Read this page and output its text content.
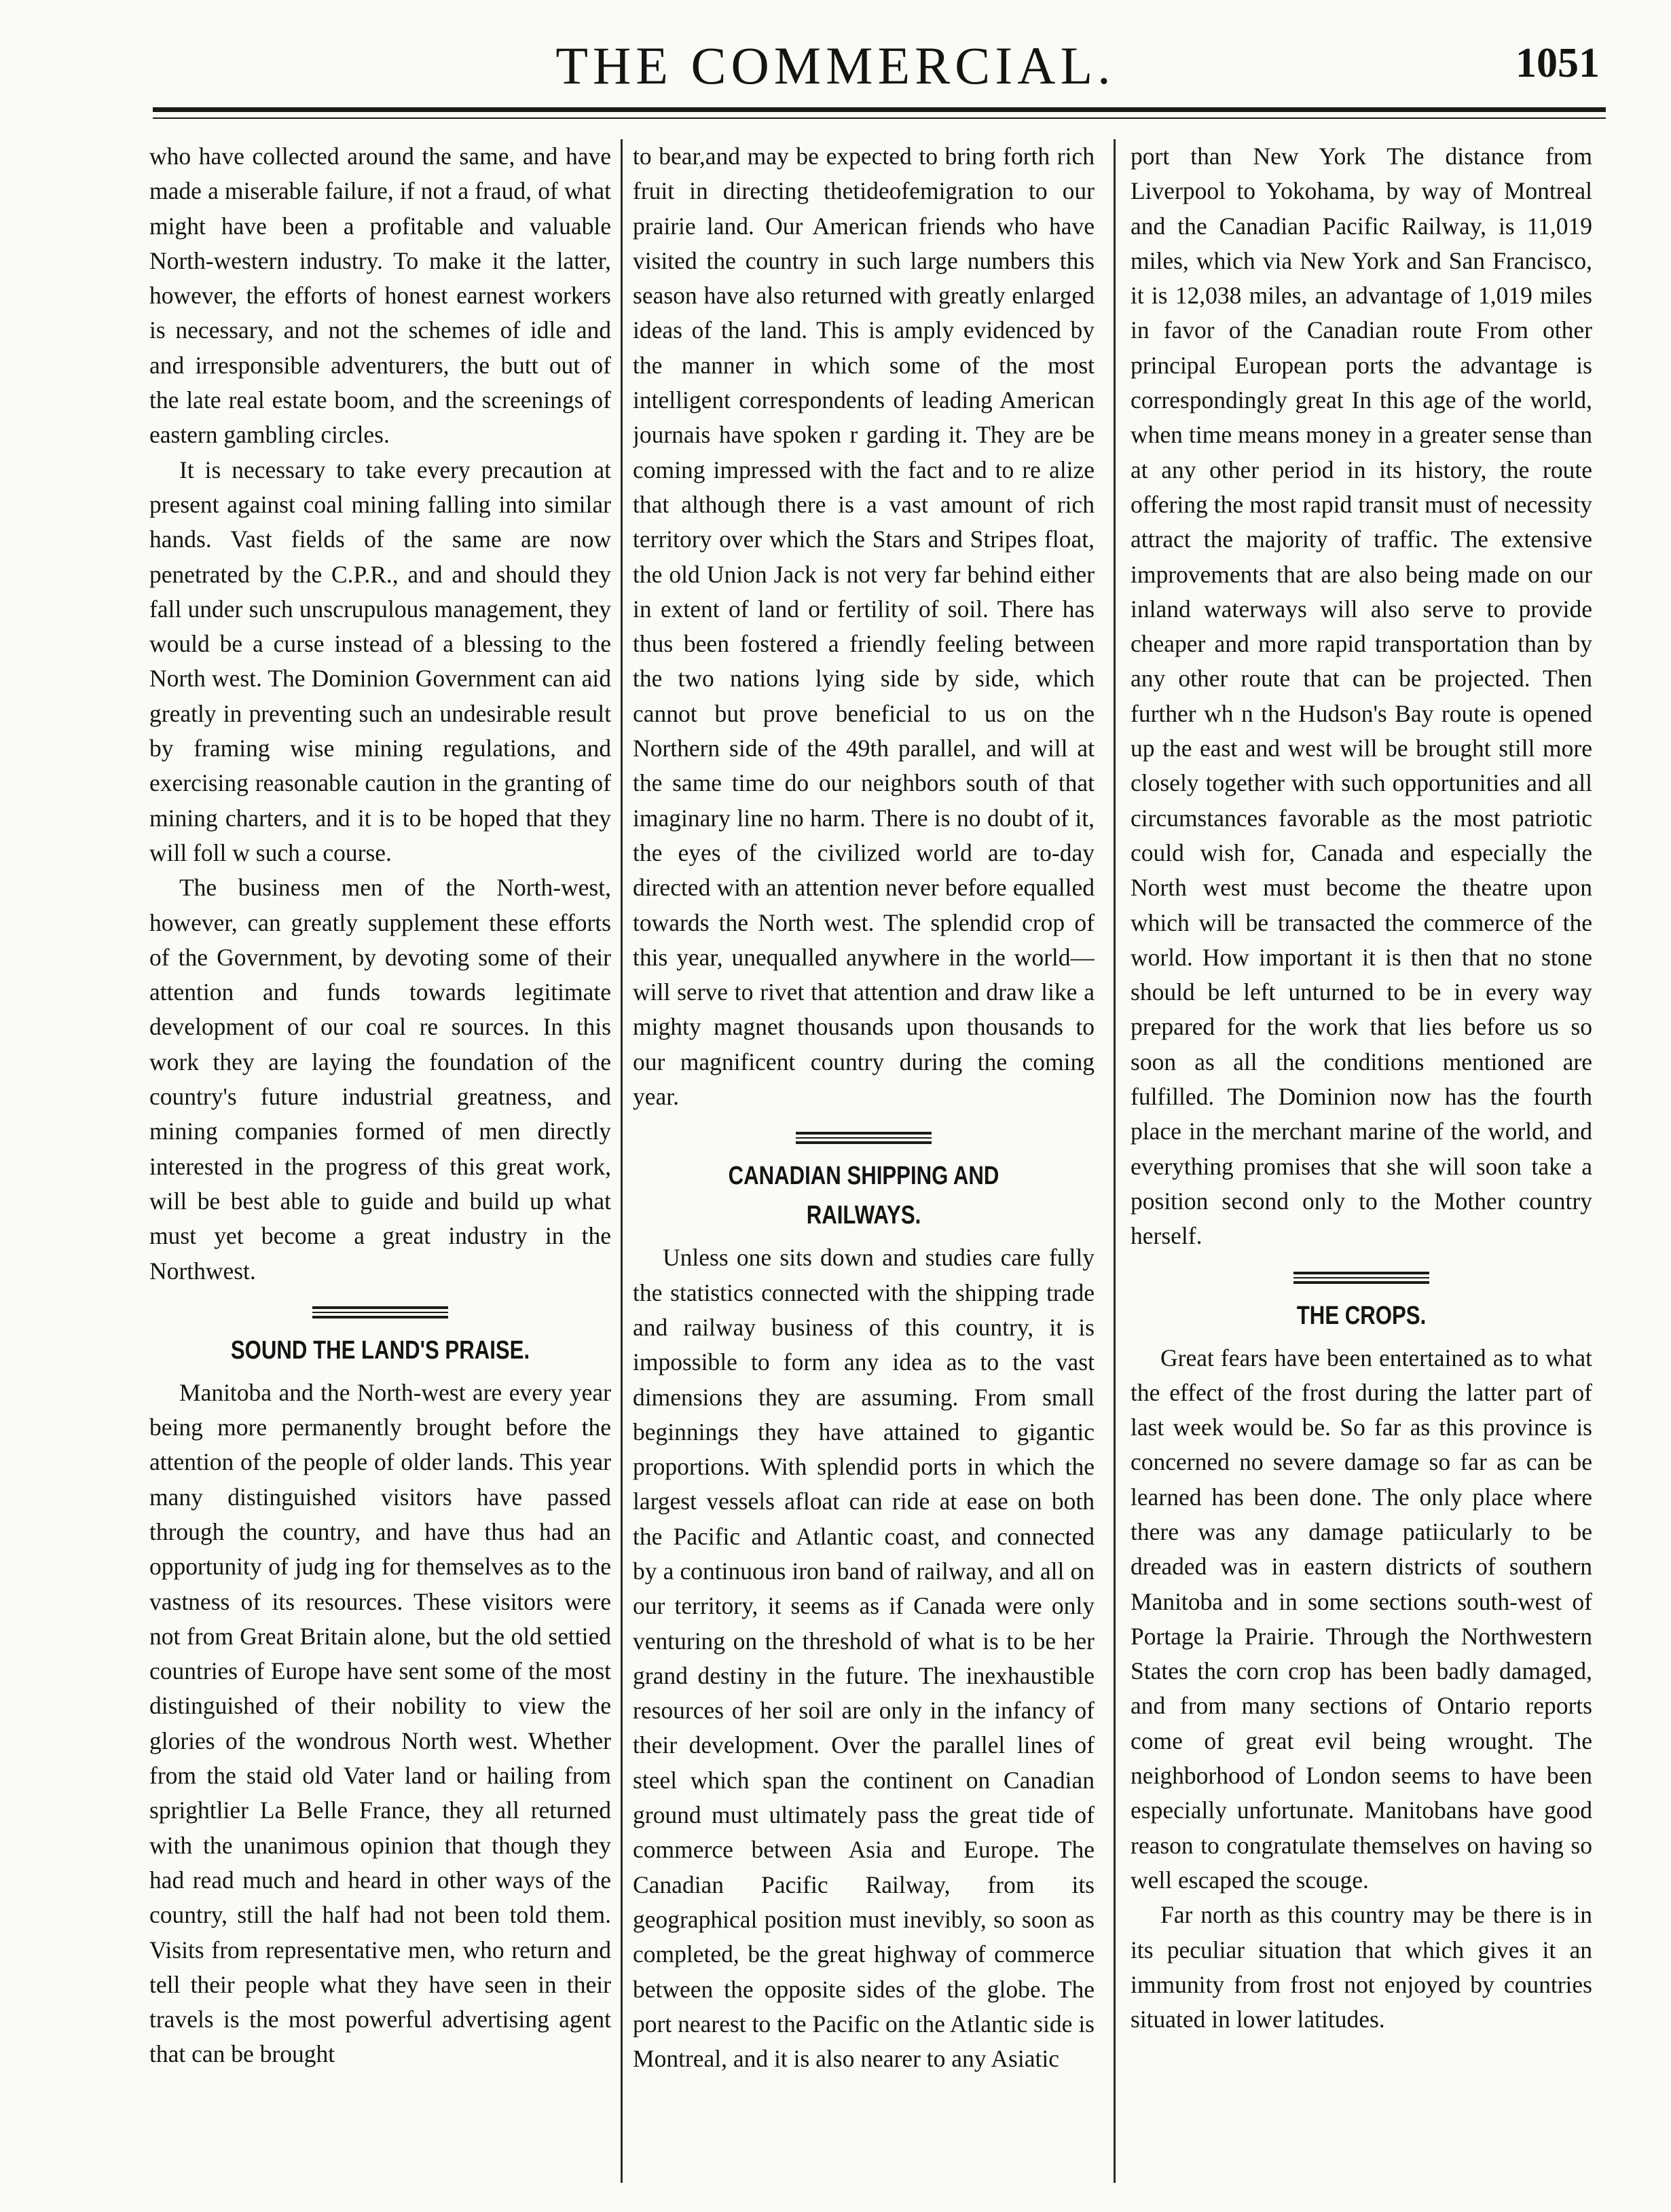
THE COMMERCIAL.	1051

who have collected around the same, and have made a miserable failure, if not a fraud, of what might have been a profitable and valuable North-western industry. To make it the latter, however, the efforts of honest earnest workers is necessary, and not the schemes of idle and and irresponsible adventurers, the butt out of the late real estate boom, and the screenings of eastern gambling circles.

It is necessary to take every precaution at present against coal mining falling into similar hands. Vast fields of the same are now penetrated by the C.P.R., and and should they fall under such unscrupulous management, they would be a curse instead of a blessing to the North west. The Dominion Government can aid greatly in preventing such an undesirable result by framing wise mining regulations, and exercising reasonable caution in the granting of mining charters, and it is to be hoped that they will foll w such a course.

The business men of the North-west, however, can greatly supplement these efforts of the Government, by devoting some of their attention and funds towards legitimate development of our coal re sources. In this work they are laying the foundation of the country's future industrial greatness, and mining companies formed of men directly interested in the progress of this great work, will be best able to guide and build up what must yet become a great industry in the Northwest.

SOUND THE LAND'S PRAISE.

Manitoba and the North-west are every year being more permanently brought before the attention of the people of older lands. This year many distinguished visitors have passed through the country, and have thus had an opportunity of judg ing for themselves as to the vastness of its resources. These visitors were not from Great Britain alone, but the old settied countries of Europe have sent some of the most distinguished of their nobility to view the glories of the wondrous North west. Whether from the staid old Vater land or hailing from sprightlier La Belle France, they all returned with the unanimous opinion that though they had read much and heard in other ways of the country, still the half had not been told them. Visits from representative men, who return and tell their people what they have seen in their travels is the most powerful advertising agent that can be brought

to bear,and may be expected to bring forth rich fruit in directing thetideofemigration to our prairie land. Our American friends who have visited the country in such large numbers this season have also returned with greatly enlarged ideas of the land. This is amply evidenced by the manner in which some of the most intelligent correspondents of leading American journais have spoken r garding it. They are be coming impressed with the fact and to re alize that although there is a vast amount of rich territory over which the Stars and Stripes float, the old Union Jack is not very far behind either in extent of land or fertility of soil. There has thus been fostered a friendly feeling between the two nations lying side by side, which cannot but prove beneficial to us on the Northern side of the 49th parallel, and will at the same time do our neighbors south of that imaginary line no harm. There is no doubt of it, the eyes of the civilized world are to-day directed with an attention never before equalled towards the North west. The splendid crop of this year, unequalled anywhere in the world—will serve to rivet that attention and draw like a mighty magnet thousands upon thousands to our magnificent country during the coming year.

CANADIAN SHIPPING AND RAILWAYS.

Unless one sits down and studies care fully the statistics connected with the shipping trade and railway business of this country, it is impossible to form any idea as to the vast dimensions they are assuming. From small beginnings they have attained to gigantic proportions. With splendid ports in which the largest vessels afloat can ride at ease on both the Pacific and Atlantic coast, and connected by a continuous iron band of railway, and all on our territory, it seems as if Canada were only venturing on the threshold of what is to be her grand destiny in the future. The inexhaustible resources of her soil are only in the infancy of their development. Over the parallel lines of steel which span the continent on Canadian ground must ultimately pass the great tide of commerce between Asia and Europe. The Canadian Pacific Railway, from its geographical position must inevibly, so soon as completed, be the great highway of commerce between the opposite sides of the globe. The port nearest to the Pacific on the Atlantic side is Montreal, and it is also nearer to any Asiatic

port than New York The distance from Liverpool to Yokohama, by way of Montreal and the Canadian Pacific Railway, is 11,019 miles, which via New York and San Francisco, it is 12,038 miles, an advantage of 1,019 miles in favor of the Canadian route From other principal European ports the advantage is correspondingly great In this age of the world, when time means money in a greater sense than at any other period in its history, the route offering the most rapid transit must of necessity attract the majority of traffic. The extensive improvements that are also being made on our inland waterways will also serve to provide cheaper and more rapid transportation than by any other route that can be projected. Then further wh n the Hudson's Bay route is opened up the east and west will be brought still more closely together with such opportunities and all circumstances favorable as the most patriotic could wish for, Canada and especially the North west must become the theatre upon which will be transacted the commerce of the world. How important it is then that no stone should be left unturned to be in every way prepared for the work that lies before us so soon as all the conditions mentioned are fulfilled. The Dominion now has the fourth place in the merchant marine of the world, and everything promises that she will soon take a position second only to the Mother country herself.

THE CROPS.

Great fears have been entertained as to what the effect of the frost during the latter part of last week would be. So far as this province is concerned no severe damage so far as can be learned has been done. The only place where there was any damage patiicularly to be dreaded was in eastern districts of southern Manitoba and in some sections south-west of Portage la Prairie. Through the Northwestern States the corn crop has been badly damaged, and from many sections of Ontario reports come of great evil being wrought. The neighborhood of London seems to have been especially unfortunate. Manitobans have good reason to congratulate themselves on having so well escaped the scouge.

Far north as this country may be there is in its peculiar situation that which gives it an immunity from frost not enjoyed by countries situated in lower latitudes.
